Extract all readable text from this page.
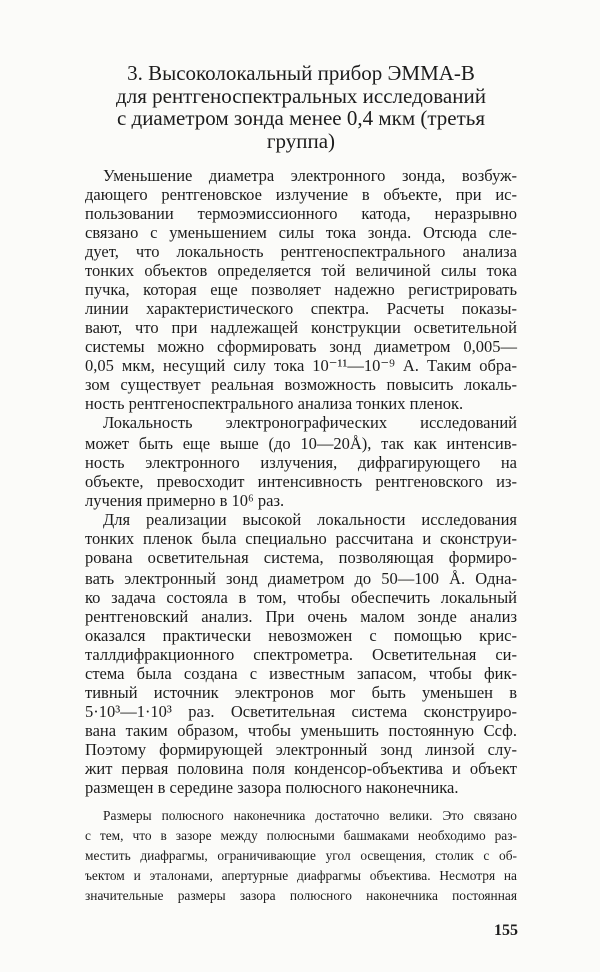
3. Высоколокальный прибор ЭММА-В
для рентгеноспектральных исследований
с диаметром зонда менее 0,4 мкм (третья
группа)
Уменьшение диаметра электронного зонда, возбуж-
дающего рентгеновское излучение в объекте, при ис-
пользовании термоэмиссионного катода, неразрывно
связано с уменьшением силы тока зонда. Отсюда сле-
дует, что локальность рентгеноспектрального анализа
тонких объектов определяется той величиной силы тока
пучка, которая еще позволяет надежно регистрировать
линии характеристического спектра. Расчеты показы-
вают, что при надлежащей конструкции осветительной
системы можно сформировать зонд диаметром 0,005—
0,05 мкм, несущий силу тока 10⁻¹¹—10⁻⁹ А. Таким обра-
зом существует реальная возможность повысить локаль-
ность рентгеноспектрального анализа тонких пленок.
Локальность электронографических исследований
может быть еще выше (до 10—20Å), так как интенсив-
ность электронного излучения, дифрагирующего на
объекте, превосходит интенсивность рентгеновского из-
лучения примерно в 10⁶ раз.
Для реализации высокой локальности исследования
тонких пленок была специально рассчитана и сконструи-
рована осветительная система, позволяющая формиро-
вать электронный зонд диаметром до 50—100 Å. Одна-
ко задача состояла в том, чтобы обеспечить локальный
рентгеновский анализ. При очень малом зонде анализ
оказался практически невозможен с помощью крис-
таллдифракционного спектрометра. Осветительная си-
стема была создана с известным запасом, чтобы фик-
тивный источник электронов мог быть уменьшен в
5·10³—1·10³ раз. Осветительная система сконструиро-
вана таким образом, чтобы уменьшить постоянную Cсф.
Поэтому формирующей электронный зонд линзой слу-
жит первая половина поля конденсор-объектива и объект
размещен в середине зазора полюсного наконечника.
Размеры полюсного наконечника достаточно велики. Это связано
с тем, что в зазоре между полюсными башмаками необходимо раз-
местить диафрагмы, ограничивающие угол освещения, столик с об-
ъектом и эталонами, апертурные диафрагмы объектива. Несмотря на
значительные размеры зазора полюсного наконечника постоянная
155
